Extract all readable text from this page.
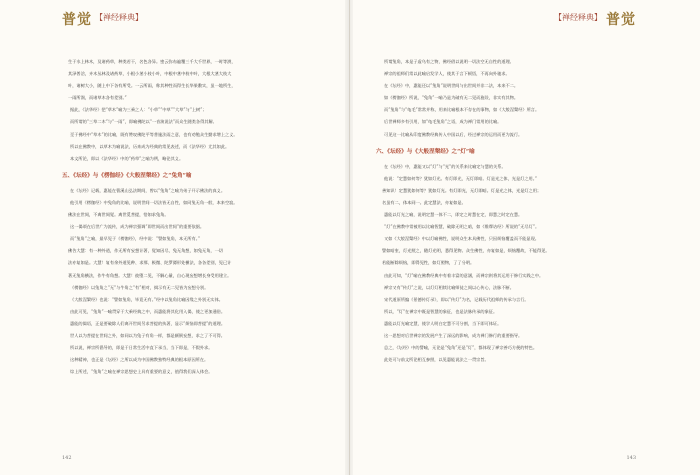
普觉 【禅经释典】

生于水上林木，及诸药草，种类若干，名色各异。密云弥布遍覆三千大千世界，一时等澍，

其泽普洽，卉木丛林及诸药草，小根小茎小枝小叶，中根中茎中枝中叶，大根大茎大枝大

叶，诸树大小，随上中下各有所受。一云所雨，称其种性而得生长华果敷实，虽一地所生，

一雨所润，而诸草木各有差别。”

据此，《法华经》把“草木”喻为三乘之人：“小草”“中草”“大草”与“上树”；

而所谓的“三草二木”与“一雨”，即喻佛陀以“一音演说法”而众生随类各得其解。

至于佛经中“草木”的比喻，既有赞叹佛陀平等普施法雨之意，也有劝勉众生勤求增上之义。

所以在佛教中，以草木为喻说法，历来成为经典的常见表述，而《法华经》尤其如此。

本文所论，即以《法华经》中的“药草”之喻为例，略论其义。

五、《坛经》与《楞伽经》《大般涅槃经》之“兔角”喻

在《坛经》记载，惠能在曹溪山弘法期间，曾以“兔角”之喻为弟子开示佛法的真义。

他引用《楞伽经》中兔角的比喻，说明世间一切法皆无自性，如同兔无角一般，本来空寂。

佛法在世间，不离世间觉。离世觅菩提，恰如求兔角。

这一偈颂在后世广为流传，成为禅宗强调“即世间而出世间”的重要依据。

而“兔角”之喻，最早见于《楞伽经》，经中说：“譬如兔角，本无所有。”

佛告大慧：有一种外道，作无所有妄想计著，觉知因尽，兔无角想，如兔无角，一切

法亦复如是。大慧！复有余外道见种、求那、极微、陀罗骠形处横法，各各差别，见已计

著无兔角横法，作牛有角想。大慧！彼堕二见，不解心量，自心现妄想增长身受用建立。

《楞伽经》以兔角之“无”与牛角之“有”相对，揭示有无二见皆为妄想分别。

《大般涅槃经》也说：“譬如兔角，毕竟无有。”经中以兔角比喻因缘之外别无实体。

由此可见，“兔角”一喻贯穿于大乘经典之中，而惠能将其化用入偈，使之更加通俗。

惠能的偈语，正是要破除人们离开世间另求菩提的执著，显示“烦恼即菩提”的道理。

世人以为菩提在世间之外，如同以为兔子有角一样，都是颠倒妄想，求之了不可得。

所以说，禅宗所倡导的，即是于日常生活中直下承当，当下即是，不假外求。

这种精神，也正是《坛经》之所以成为中国佛教独特经典的根本原因所在。

综上所述，“兔角”之喻在禅宗思想史上具有重要的意义，值得我们深入体会。

142
【禅经释典】 普觉

所谓兔角，本是子虚乌有之物，佛经借以说明一切法空无自性的道理。

禅宗的祖师们常以此喻启发学人，使其于言下顿悟，不再向外驰求。

在《坛经》中，惠能还以“兔角”说明世间与出世间并非二法，本来不二。

如《楞伽经》所说，“兔角”一喻乃是为破有无二见而施设，非实有其物。

而“兔角”与“龟毛”常常并称，用来比喻根本不存在的事物，如《大般涅槃经》所言。

后世禅师多有引用，如“龟毛兔角”之语，成为禅门常用的比喻。

可见这一比喻从印度佛教经典传入中国以后，经过禅宗的运用而更为流行。

六、《坛经》与《大般涅槃经》之“灯”喻

在《坛经》中，惠能又以“灯”与“光”的关系来比喻定与慧的关系。

他说：“定慧如何等？犹如灯光。有灯即光，无灯即暗。灯是光之体，光是灯之用。”

善知识！定慧犹如何等？犹如灯光。有灯即光，无灯即暗。灯是光之体，光是灯之用；

名虽有二，体本同一。此定慧法，亦复如是。

惠能以灯光之喻，说明定慧一体不二，即定之时慧在定，即慧之时定在慧。

“灯”在佛教中常被用以比喻智慧，破除无明之暗，如《维摩诘经》所说的“无尽灯”。

又如《大般涅槃经》中以灯喻佛性，说明众生本具佛性，只因烦恼覆盖而不能显现。

譬如暗室，灯光照之，随灯光明，悉得见物。众生佛性，亦复如是，烦恼覆故，不能得见。

若能断除烦恼，即得见性，如灯照物，了了分明。

由此可知，“灯”喻在佛教经典中有着丰富的意涵，而禅宗则将其运用于修行实践之中。

禅宗又有“传灯”之说，以灯灯相续比喻师徒之间以心传心，法脉不断。

宋代道原所编《景德传灯录》，即以“传灯”为名，记载历代祖师的传承与言行。

所以，“灯”在禅宗中既是智慧的象征，也是法脉传承的象征。

惠能以灯光喻定慧，使学人明白定慧不可分割，当下即可体证。

这一思想对后世禅宗的发展产生了深远的影响，成为禅门修行的重要指导。

总之，《坛经》中的譬喻，无论是“兔角”还是“灯”，都体现了禅宗善巧方便的特色。

此处可与前文所论相互参照，以见惠能说法之一贯宗旨。

143
